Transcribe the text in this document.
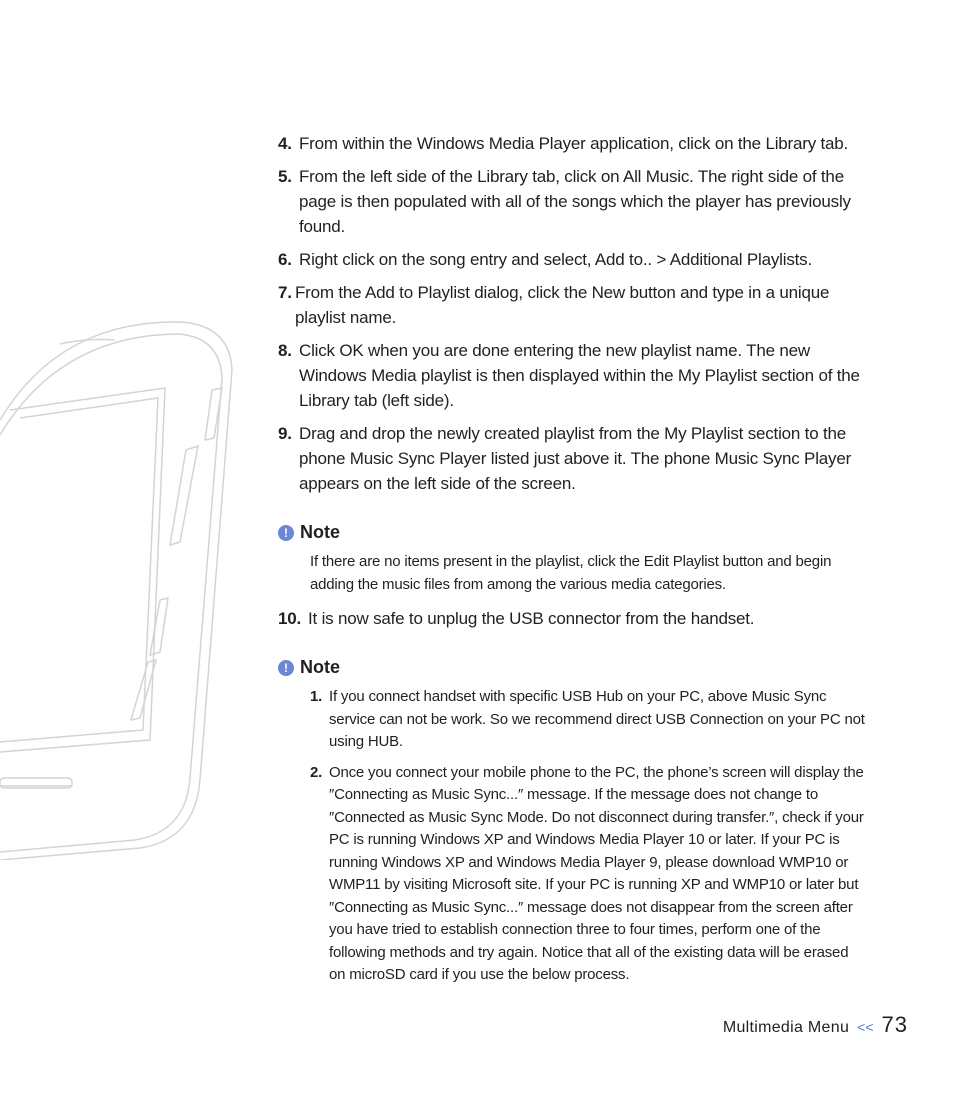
4. From within the Windows Media Player application, click on the Library tab.
5. From the left side of the Library tab, click on All Music. The right side of the page is then populated with all of the songs which the player has previously found.
6. Right click on the song entry and select, Add to.. > Additional Playlists.
7. From the Add to Playlist dialog, click the New button and type in a unique playlist name.
8. Click OK when you are done entering the new playlist name. The new Windows Media playlist is then displayed within the My Playlist section of the Library tab (left side).
9. Drag and drop the newly created playlist from the My Playlist section to the phone Music Sync Player listed just above it. The phone Music Sync Player appears on the left side of the screen.
! Note
If there are no items present in the playlist, click the Edit Playlist button and begin adding the music files from among the various media categories.
10. It is now safe to unplug the USB connector from the handset.
! Note
1. If you connect handset with specific USB Hub on your PC, above Music Sync service can not be work. So we recommend direct USB Connection on your PC not using HUB.
2. Once you connect your mobile phone to the PC, the phone’s screen will display the ″Connecting as Music Sync...″ message. If the message does not change to ″Connected as Music Sync Mode. Do not disconnect during transfer.″, check if your PC is running Windows XP and Windows Media Player 10 or later. If your PC is running Windows XP and Windows Media Player 9, please download WMP10 or WMP11 by visiting Microsoft site. If your PC is running XP and WMP10 or later but ″Connecting as Music Sync...″ message does not disappear from the screen after you have tried to establish connection three to four times, perform one of the following methods and try again. Notice that all of the existing data will be erased on microSD card if you use the below process.
Multimedia Menu << 73
